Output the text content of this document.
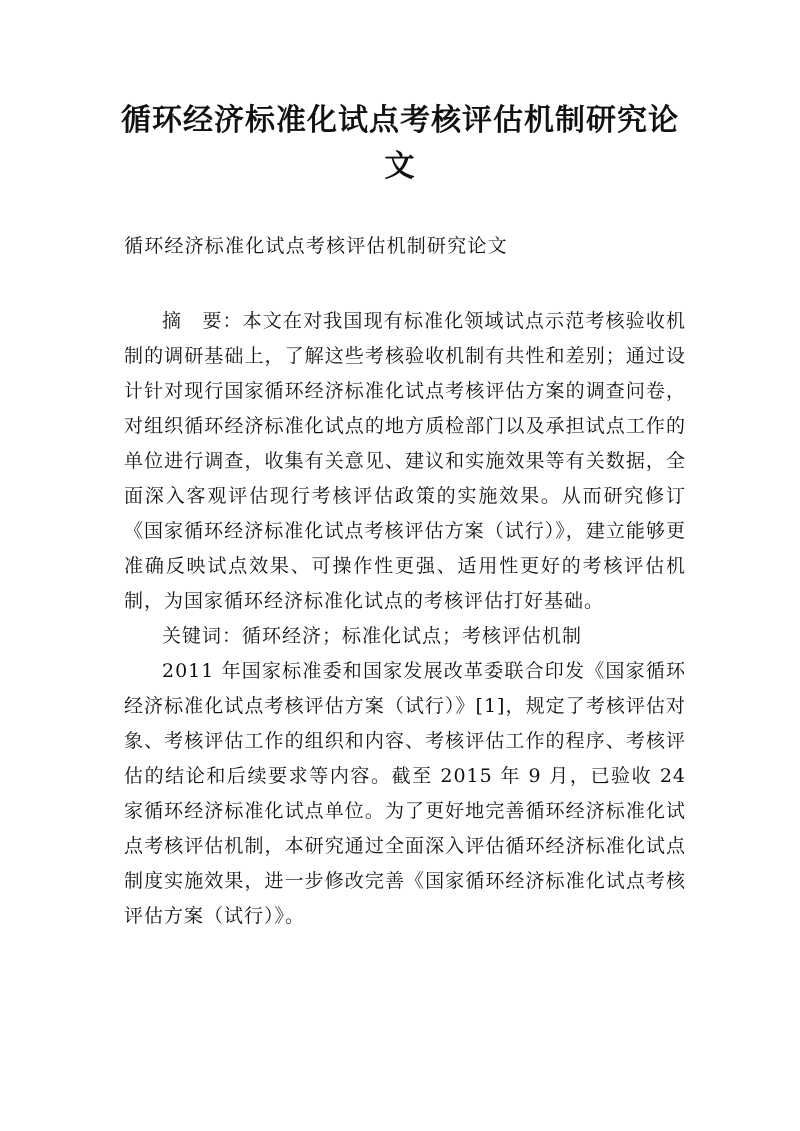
循环经济标准化试点考核评估机制研究论文
循环经济标准化试点考核评估机制研究论文

摘　要：本文在对我国现有标准化领域试点示范考核验收机制的调研基础上，了解这些考核验收机制有共性和差别；通过设计针对现行国家循环经济标准化试点考核评估方案的调查问卷，对组织循环经济标准化试点的地方质检部门以及承担试点工作的单位进行调查，收集有关意见、建议和实施效果等有关数据，全面深入客观评估现行考核评估政策的实施效果。从而研究修订《国家循环经济标准化试点考核评估方案（试行）》，建立能够更准确反映试点效果、可操作性更强、适用性更好的考核评估机制，为国家循环经济标准化试点的考核评估打好基础。

关键词：循环经济；标准化试点；考核评估机制

2011 年国家标准委和国家发展改革委联合印发《国家循环经济标准化试点考核评估方案（试行）》[1]，规定了考核评估对象、考核评估工作的组织和内容、考核评估工作的程序、考核评估的结论和后续要求等内容。截至 2015 年 9 月，已验收 24 家循环经济标准化试点单位。为了更好地完善循环经济标准化试点考核评估机制，本研究通过全面深入评估循环经济标准化试点制度实施效果，进一步修改完善《国家循环经济标准化试点考核评估方案（试行）》。
